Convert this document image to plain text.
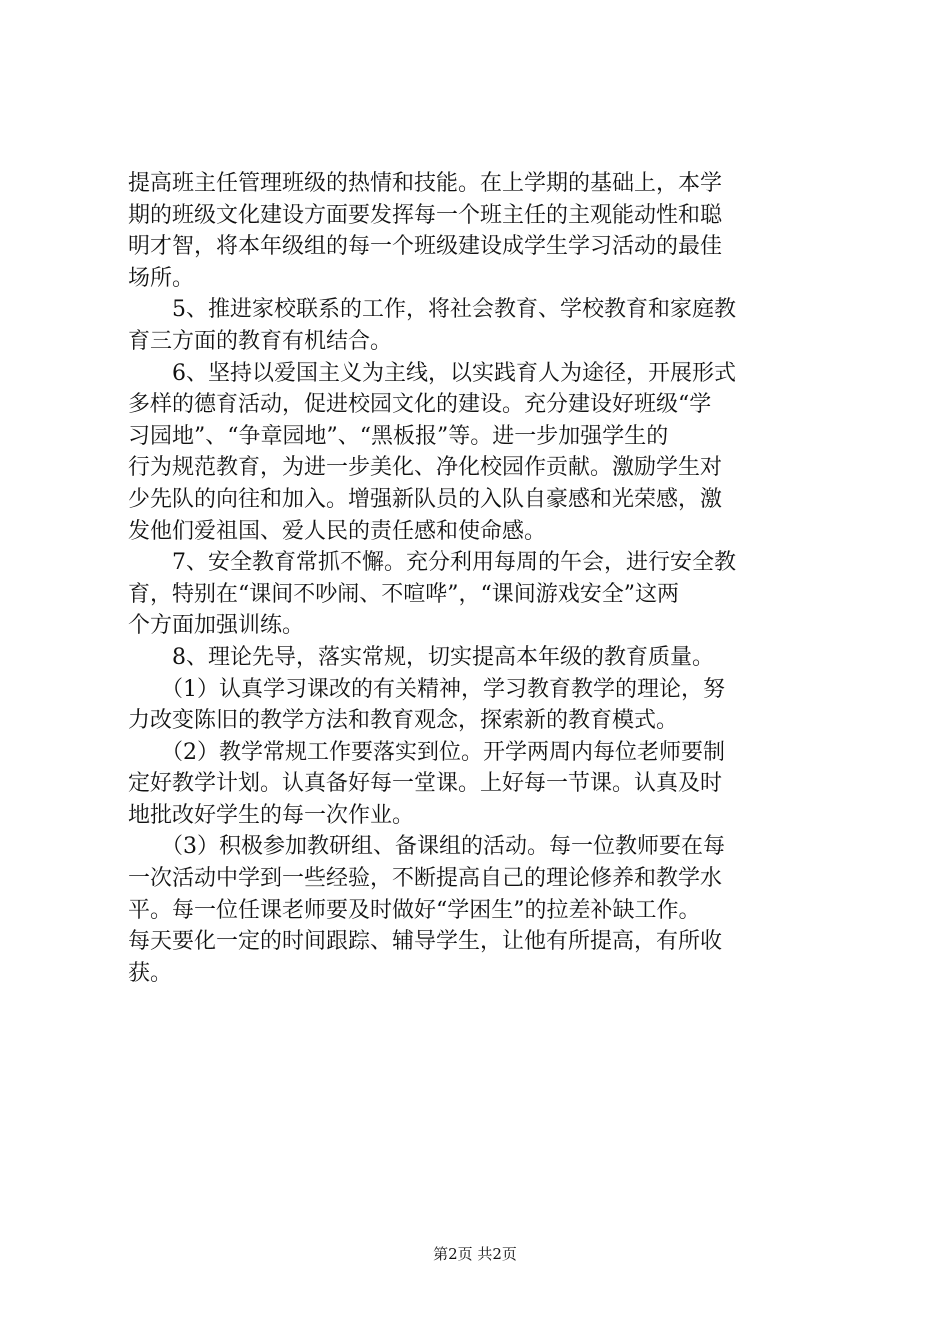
提高班主任管理班级的热情和技能。在上学期的基础上，本学
期的班级文化建设方面要发挥每一个班主任的主观能动性和聪
明才智，将本年级组的每一个班级建设成学生学习活动的最佳
场所。
　　5、推进家校联系的工作，将社会教育、学校教育和家庭教
育三方面的教育有机结合。
　　6、坚持以爱国主义为主线，以实践育人为途径，开展形式
多样的德育活动，促进校园文化的建设。充分建设好班级“学
习园地”、“争章园地”、“黑板报”等。进一步加强学生的
行为规范教育，为进一步美化、净化校园作贡献。激励学生对
少先队的向往和加入。增强新队员的入队自豪感和光荣感，激
发他们爱祖国、爱人民的责任感和使命感。
　　7、安全教育常抓不懈。充分利用每周的午会，进行安全教
育，特别在“课间不吵闹、不喧哗”，“课间游戏安全”这两
个方面加强训练。
　　8、理论先导，落实常规，切实提高本年级的教育质量。
　　（1）认真学习课改的有关精神，学习教育教学的理论，努
力改变陈旧的教学方法和教育观念，探索新的教育模式。
　　（2）教学常规工作要落实到位。开学两周内每位老师要制
定好教学计划。认真备好每一堂课。上好每一节课。认真及时
地批改好学生的每一次作业。
　　（3）积极参加教研组、备课组的活动。每一位教师要在每
一次活动中学到一些经验，不断提高自己的理论修养和教学水
平。每一位任课老师要及时做好“学困生”的拉差补缺工作。
每天要化一定的时间跟踪、辅导学生，让他有所提高，有所收
获。
第2页 共2页
